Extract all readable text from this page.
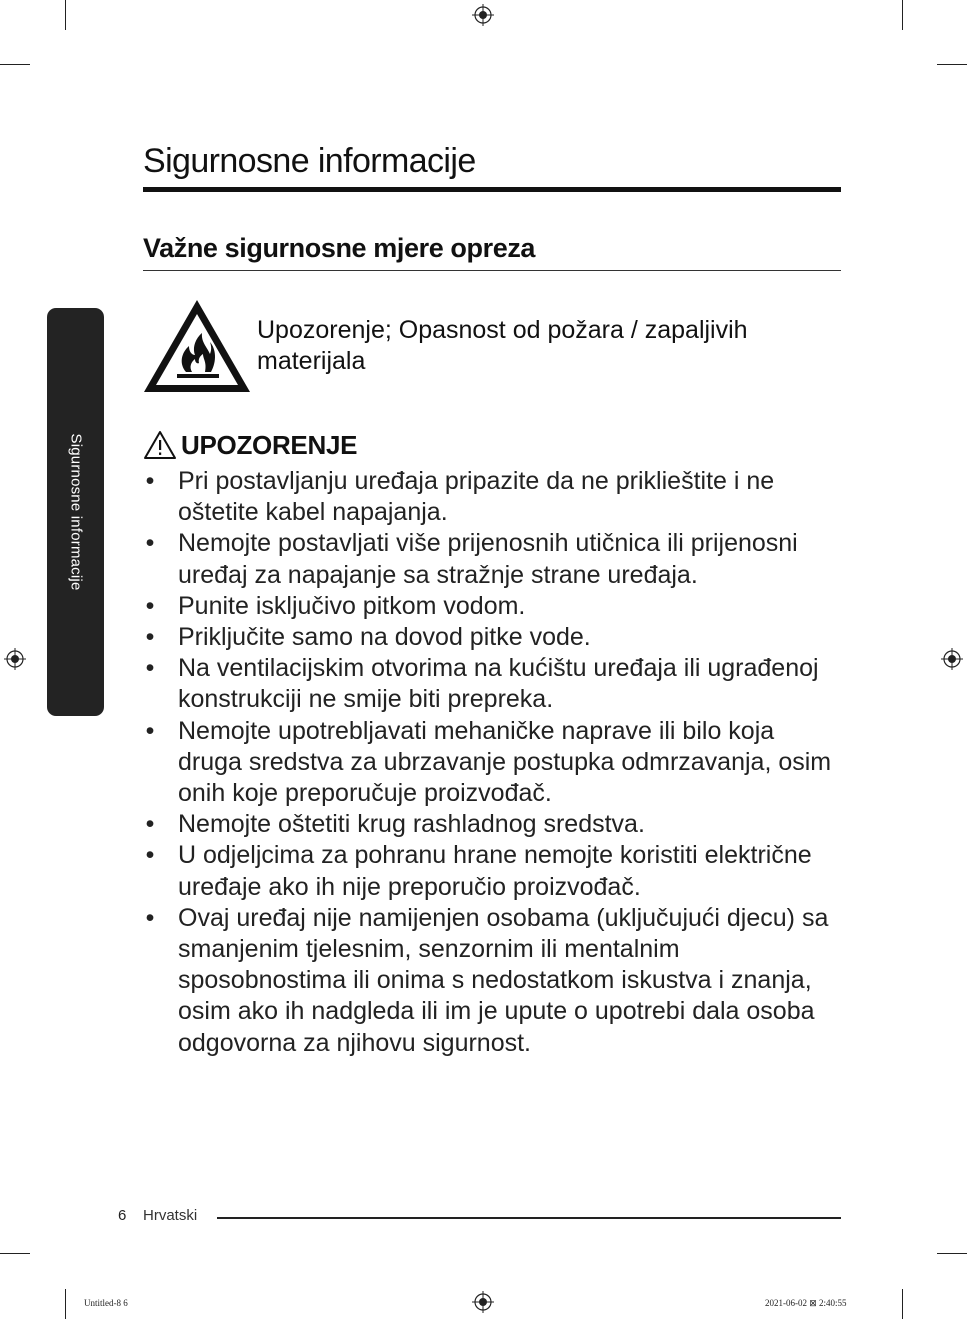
Sigurnosne informacije
Sigurnosne informacije
Važne sigurnosne mjere opreza
Upozorenje; Opasnost od požara / zapaljivih materijala
UPOZORENJE
• Pri postavljanju uređaja pripazite da ne priklieštite i ne oštetite kabel napajanja.
• Nemojte postavljati više prijenosnih utičnica ili prijenosni uređaj za napajanje sa stražnje strane uređaja.
• Punite isključivo pitkom vodom.
• Priključite samo na dovod pitke vode.
• Na ventilacijskim otvorima na kućištu uređaja ili ugrađenoj konstrukciji ne smije biti prepreka.
• Nemojte upotrebljavati mehaničke naprave ili bilo koja druga sredstva za ubrzavanje postupka odmrzavanja, osim onih koje preporučuje proizvođač.
• Nemojte oštetiti krug rashladnog sredstva.
• U odjeljcima za pohranu hrane nemojte koristiti električne uređaje ako ih nije preporučio proizvođač.
• Ovaj uređaj nije namijenjen osobama (uključujući djecu) sa smanjenim tjelesnim, senzornim ili mentalnim sposobnostima ili onima s nedostatkom iskustva i znanja, osim ako ih nadgleda ili im je upute o upotrebi dala osoba odgovorna za njihovu sigurnost.
6 Hrvatski
Untitled-8 6	2021-06-02 ⊠ 2:40:55
